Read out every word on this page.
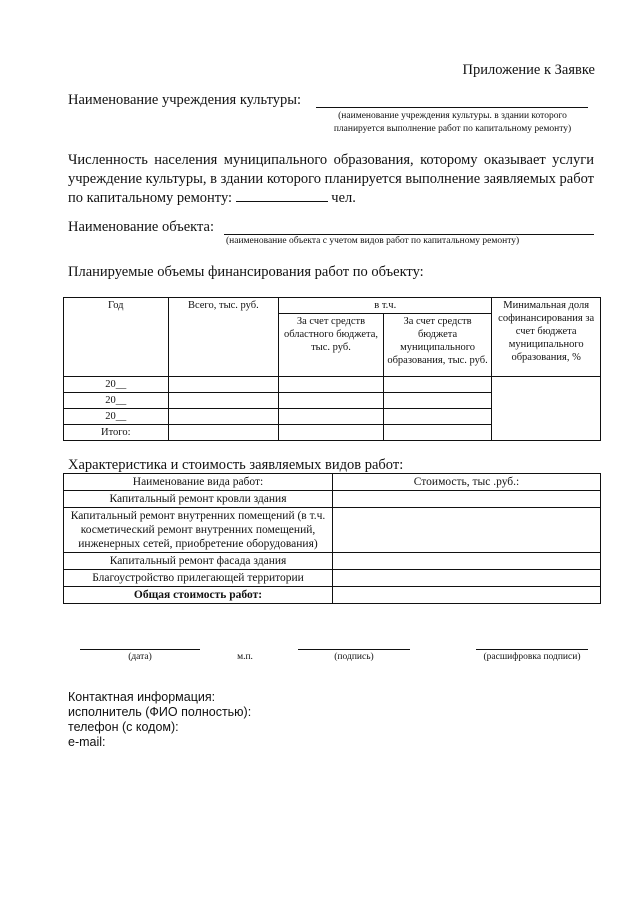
Приложение к Заявке
Наименование учреждения культуры:
(наименование учреждения культуры. в здании которого
планируется выполнение работ по капитальному ремонту)
Численность населения муниципального образования, которому оказывает услуги учреждение культуры, в здании которого планируется выполнение заявляемых работ по капитальному ремонту:	чел.
Наименование объекта:
(наименование объекта с учетом видов работ по капитальному ремонту)
Планируемые объемы финансирования работ по объекту:
Год	Всего, тыс. руб.	в т.ч.		Минимальная доля софинансирования за счет бюджета муниципального образования, %
		За счет средств областного бюджета, тыс. руб.	За счет средств бюджета муниципального образования, тыс. руб.	
20__				
20__				
20__				
Итого:				
Характеристика и стоимость заявляемых видов работ:
Наименование вида работ:	Стоимость, тыс .руб.:
Капитальный ремонт кровли здания	
Капитальный ремонт внутренних помещений (в т.ч. косметический ремонт внутренних помещений, инженерных сетей, приобретение оборудования)	
Капитальный ремонт фасада здания	
Благоустройство прилегающей территории	
Общая стоимость работ:	
(дата)	м.п.	(подпись)	(расшифровка подписи)
Контактная информация:
исполнитель (ФИО полностью):
телефон (с кодом):
e-mail:
